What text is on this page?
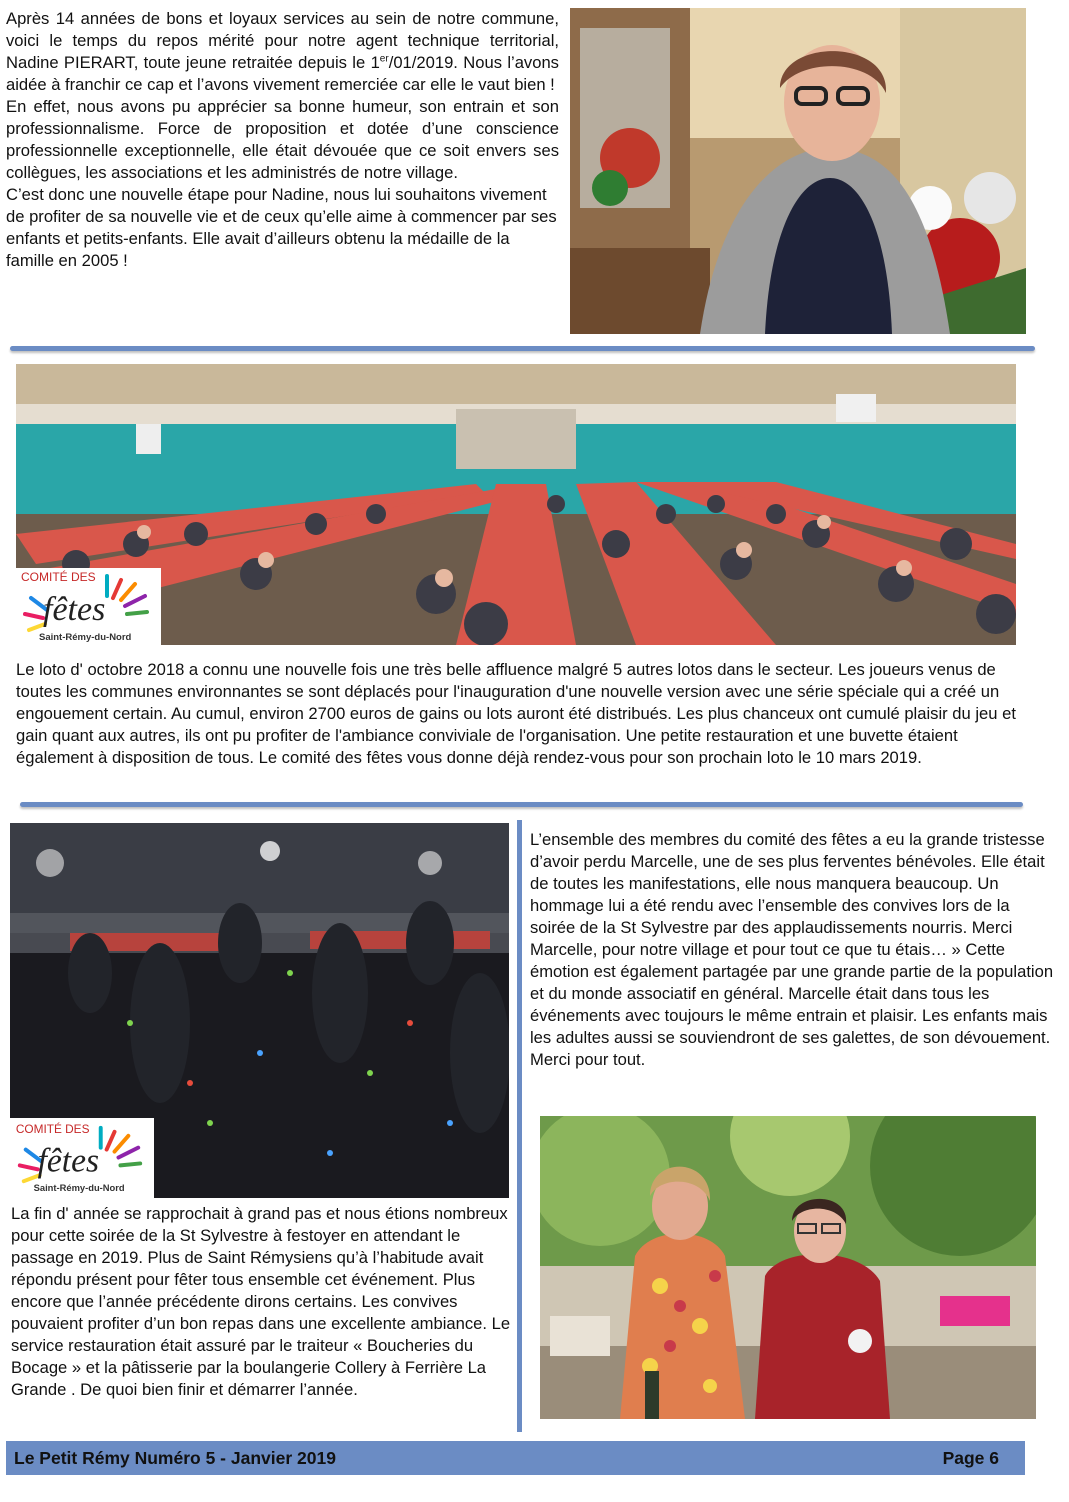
Après 14 années de bons et loyaux services au sein de notre commune, voici le temps du repos mérité pour notre agent technique territorial, Nadine PIERART, toute jeune retraitée depuis le 1er/01/2019. Nous l’avons aidée à franchir ce cap et l’avons vivement remerciée car elle le vaut bien !
En effet, nous avons pu apprécier sa bonne humeur, son entrain et son professionnalisme. Force de proposition et dotée d’une conscience professionnelle exceptionnelle, elle était dévouée que ce soit envers ses collègues, les associations et les administrés de notre village.
C’est donc une nouvelle étape pour Nadine, nous lui souhaitons vivement de profiter de sa nouvelle vie et de ceux qu’elle aime à commencer par ses enfants et petits-enfants. Elle avait d’ailleurs obtenu la médaille de la famille en 2005 !
COMITÉ DES
fêtes
Saint-Rémy-du-Nord
Le loto d' octobre 2018 a connu une nouvelle fois une très belle affluence malgré 5 autres lotos dans le secteur. Les joueurs venus de toutes les communes environnantes se sont déplacés pour l'inauguration d'une nouvelle version avec une série spéciale qui a créé un engouement certain. Au cumul, environ 2700 euros de gains ou lots auront été distribués. Les plus chanceux ont cumulé plaisir du jeu et gain quant aux autres, ils ont pu profiter de l'ambiance conviviale de l'organisation. Une petite restauration et une buvette étaient également à disposition de tous. Le comité des fêtes vous donne déjà rendez-vous pour son prochain loto le 10 mars 2019.
COMITÉ DES
fêtes
Saint-Rémy-du-Nord
La fin d' année se rapprochait à grand pas et nous étions nombreux pour cette soirée de la St Sylvestre à festoyer en attendant le passage en 2019. Plus de Saint Rémysiens qu’à l’habitude avait répondu présent pour fêter tous ensemble cet événement. Plus encore que l’année précédente dirons certains. Les convives pouvaient profiter d’un bon repas dans une excellente ambiance. Le service restauration était assuré par le traiteur « Boucheries du Bocage » et la pâtisserie par la boulangerie Collery à Ferrière La Grande . De quoi bien finir et démarrer l’année.
L’ensemble des membres du comité des fêtes a eu la grande tristesse d’avoir perdu Marcelle, une de ses plus ferventes bénévoles. Elle était de toutes les manifestations, elle nous manquera beaucoup. Un hommage lui a été rendu avec l’ensemble des convives lors de la soirée de la St Sylvestre par des applaudissements nourris. Merci Marcelle, pour notre village et pour tout ce que tu étais… » Cette émotion est également partagée par une grande partie de la population et du monde associatif en général. Marcelle était dans tous les événements avec toujours le même entrain et plaisir. Les enfants mais les adultes aussi se souviendront de ses galettes, de son dévouement. Merci pour tout.
Le Petit Rémy Numéro 5 - Janvier 2019	Page 6
